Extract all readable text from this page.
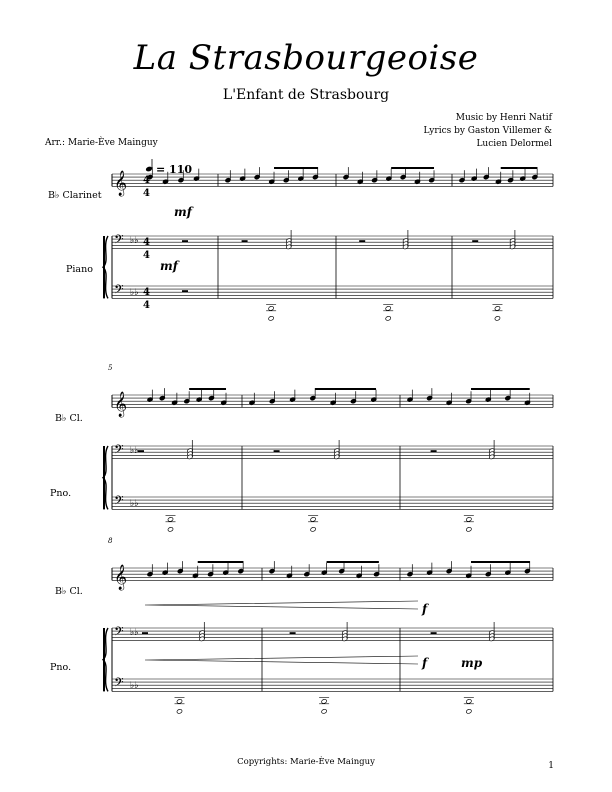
La Strasbourgeoise
L'Enfant de Strasbourg
Music by Henri Natif
Lyrics by Gaston Villemer &
Lucien Delormel
Arr.: Marie-Ève Mainguy
𝄞
𝄢
𝄢
♭♭
♭♭
𝄞
𝄢
𝄢
♭♭
♭♭
𝄞
𝄢
𝄢
♭♭
♭♭
B♭ Clarinet
Piano
B♭ Cl.
Pno.
B♭ Cl.
Pno.
= 110
5
8
mf
mf
f
f	mp
4
4
4
4
4
4
Copyrights: Marie-Ève Mainguy	1
